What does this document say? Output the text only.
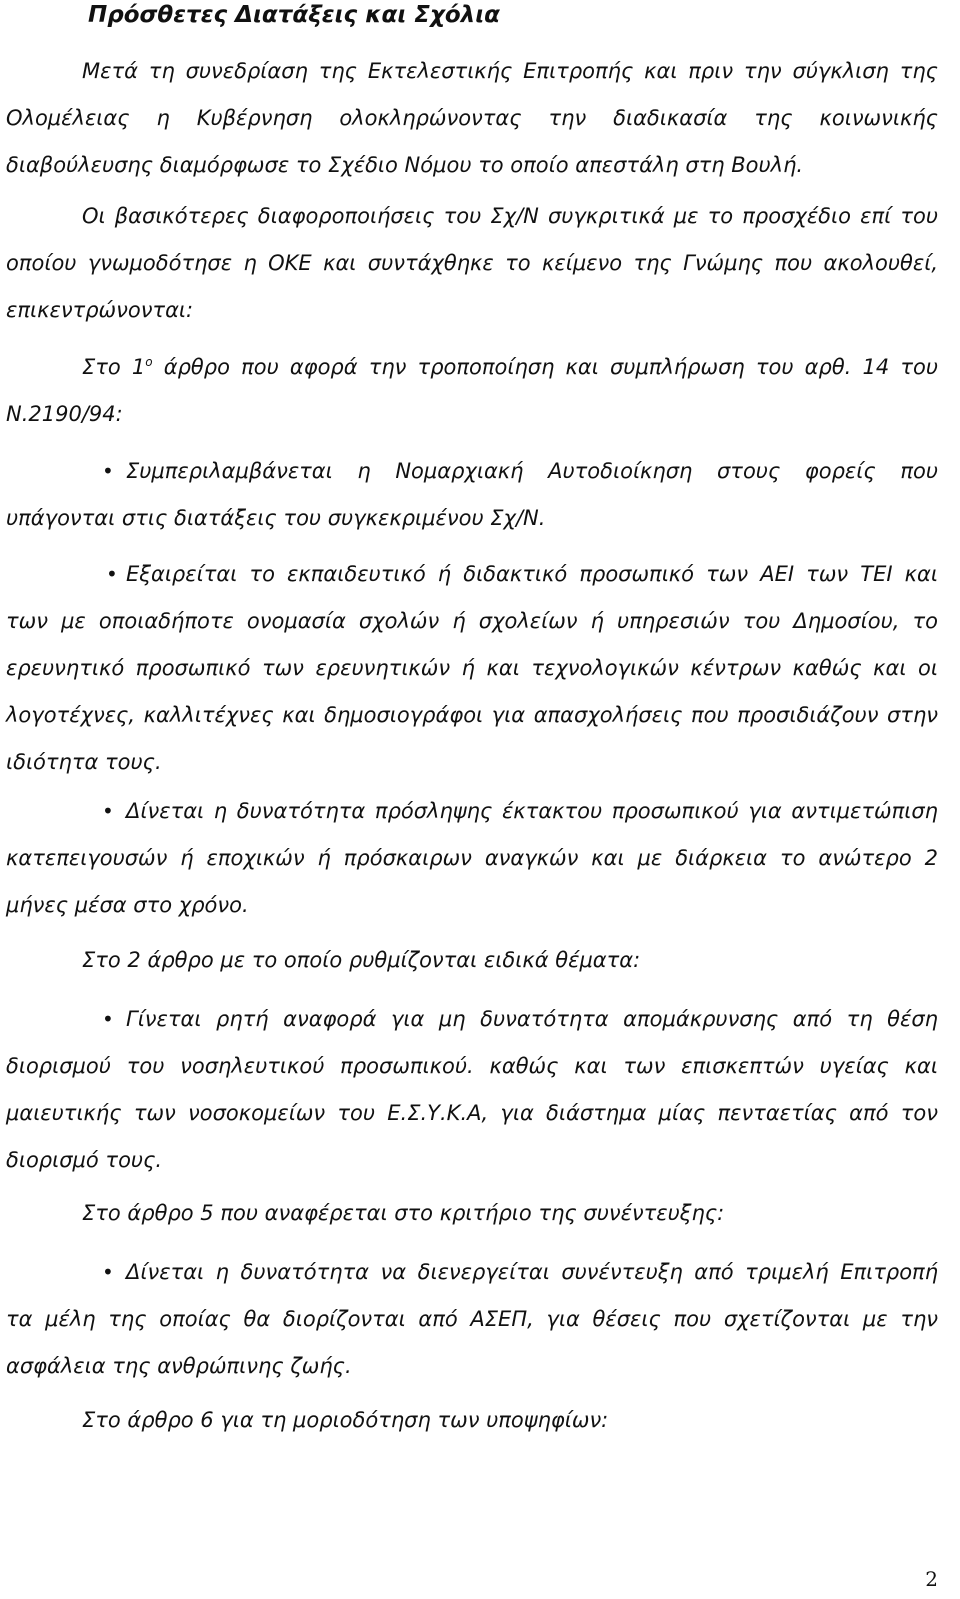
Πρόσθετες Διατάξεις και Σχόλια

Μετά τη συνεδρίαση της Εκτελεστικής Επιτροπής και πριν την σύγκλιση της

Ολομέλειας η Κυβέρνηση ολοκληρώνοντας την διαδικασία της κοινωνικής

διαβούλευσης διαμόρφωσε το Σχέδιο Νόμου το οποίο απεστάλη στη Βουλή.

Οι βασικότερες διαφοροποιήσεις του Σχ/Ν συγκριτικά με το προσχέδιο επί του

οποίου γνωμοδότησε η ΟΚΕ και συντάχθηκε το κείμενο της Γνώμης που ακολουθεί,

επικεντρώνονται:

Στο $1^o$ άρθρο που αφορά την τροποποίηση και συμπλήρωση του αρθ. 14 του

Ν.2190/94:

• Συμπεριλαμβάνεται η Νομαρχιακή Αυτοδιοίκηση στους φορείς που

υπάγονται στις διατάξεις του συγκεκριμένου Σχ/Ν.

• Εξαιρείται το εκπαιδευτικό ή διδακτικό προσωπικό των ΑΕΙ των ΤΕΙ και

των με οποιαδήποτε ονομασία σχολών ή σχολείων ή υπηρεσιών του Δημοσίου, το

ερευνητικό προσωπικό των ερευνητικών ή και τεχνολογικών κέντρων καθώς και οι

λογοτέχνες, καλλιτέχνες και δημοσιογράφοι για απασχολήσεις που προσιδιάζουν στην

ιδιότητα τους.

• Δίνεται η δυνατότητα πρόσληψης έκτακτου προσωπικού για αντιμετώπιση

κατεπειγουσών ή εποχικών ή πρόσκαιρων αναγκών και με διάρκεια το ανώτερο 2

μήνες μέσα στο χρόνο.

Στο 2 άρθρο με το οποίο ρυθμίζονται ειδικά θέματα:

• Γίνεται ρητή αναφορά για μη δυνατότητα απομάκρυνσης από τη θέση

διορισμού του νοσηλευτικού προσωπικού. καθώς και των επισκεπτών υγείας και

μαιευτικής των νοσοκομείων του Ε.Σ.Υ.Κ.Α, για διάστημα μίας πενταετίας από τον

διορισμό τους.

Στο άρθρο 5 που αναφέρεται στο κριτήριο της συνέντευξης:

• Δίνεται η δυνατότητα να διενεργείται συνέντευξη από τριμελή Επιτροπή

τα μέλη της οποίας θα διορίζονται από ΑΣΕΠ, για θέσεις που σχετίζονται με την

ασφάλεια της ανθρώπινης ζωής.

Στο άρθρο 6 για τη μοριοδότηση των υποψηφίων:

2
